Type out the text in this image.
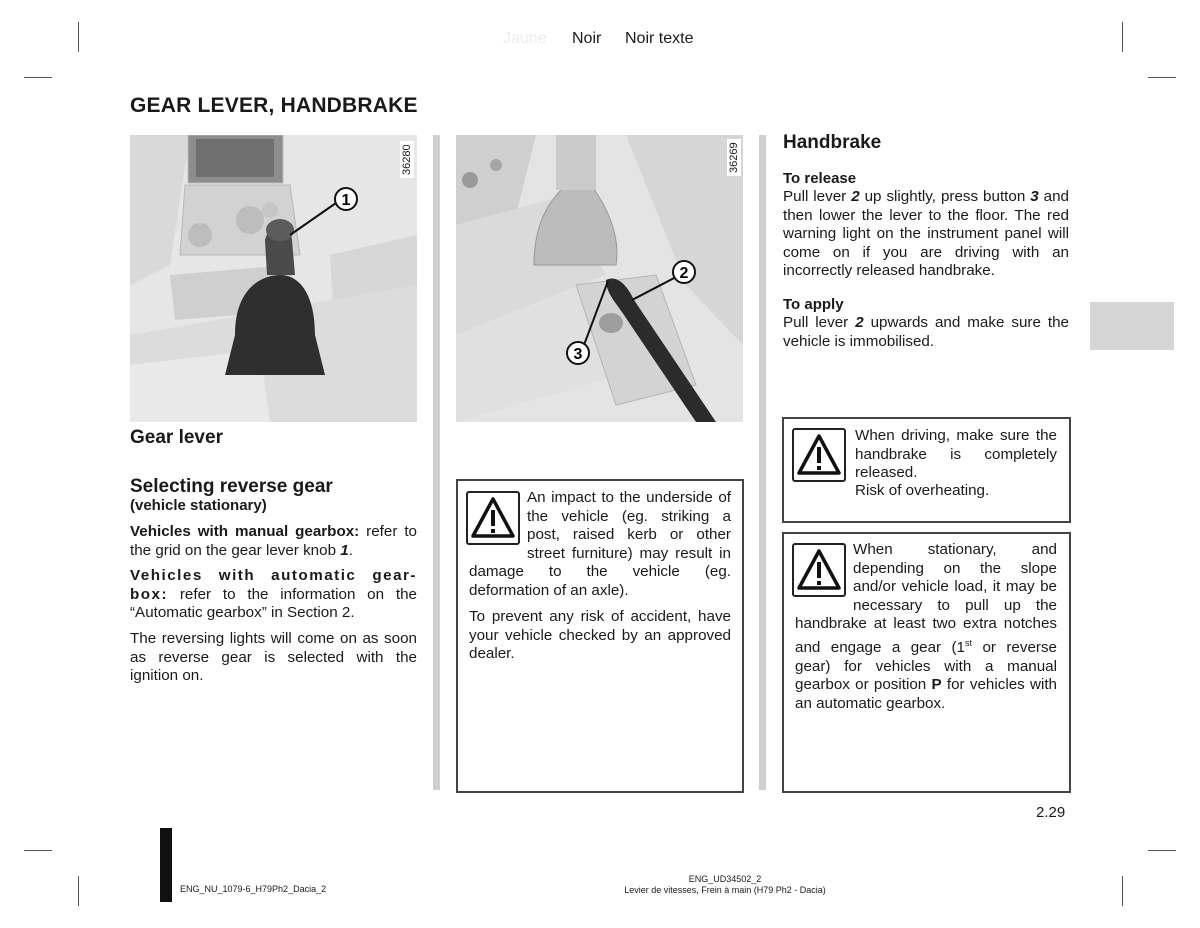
Jaune Noir Noir texte
GEAR LEVER, HANDBRAKE
1
36280
2
3
36269
Gear lever
Selecting reverse gear
(vehicle stationary)
Vehicles with manual gearbox: refer to the grid on the gear lever knob 1.
Vehicles with automatic gear-box: refer to the information on the “Automatic gearbox” in Section 2.
The reversing lights will come on as soon as reverse gear is selected with the ignition on.
An impact to the underside of the vehicle (eg. striking a post, raised kerb or other street furniture) may result in damage to the vehicle (eg. deformation of an axle).
To prevent any risk of accident, have your vehicle checked by an approved dealer.
Handbrake
To release
Pull lever 2 up slightly, press button 3 and then lower the lever to the floor. The red warning light on the instrument panel will come on if you are driving with an incorrectly released handbrake.
To apply
Pull lever 2 upwards and make sure the vehicle is immobilised.
When driving, make sure the handbrake is completely released.
Risk of overheating.
When stationary, and depending on the slope and/or vehicle load, it may be necessary to pull up the handbrake at least two extra notches and engage a gear (1st or reverse gear) for vehicles with a manual gearbox or position P for vehicles with an automatic gearbox.
2.29
ENG_NU_1079-6_H79Ph2_Dacia_2
ENG_UD34502_2
Levier de vitesses, Frein à main (H79 Ph2 - Dacia)
